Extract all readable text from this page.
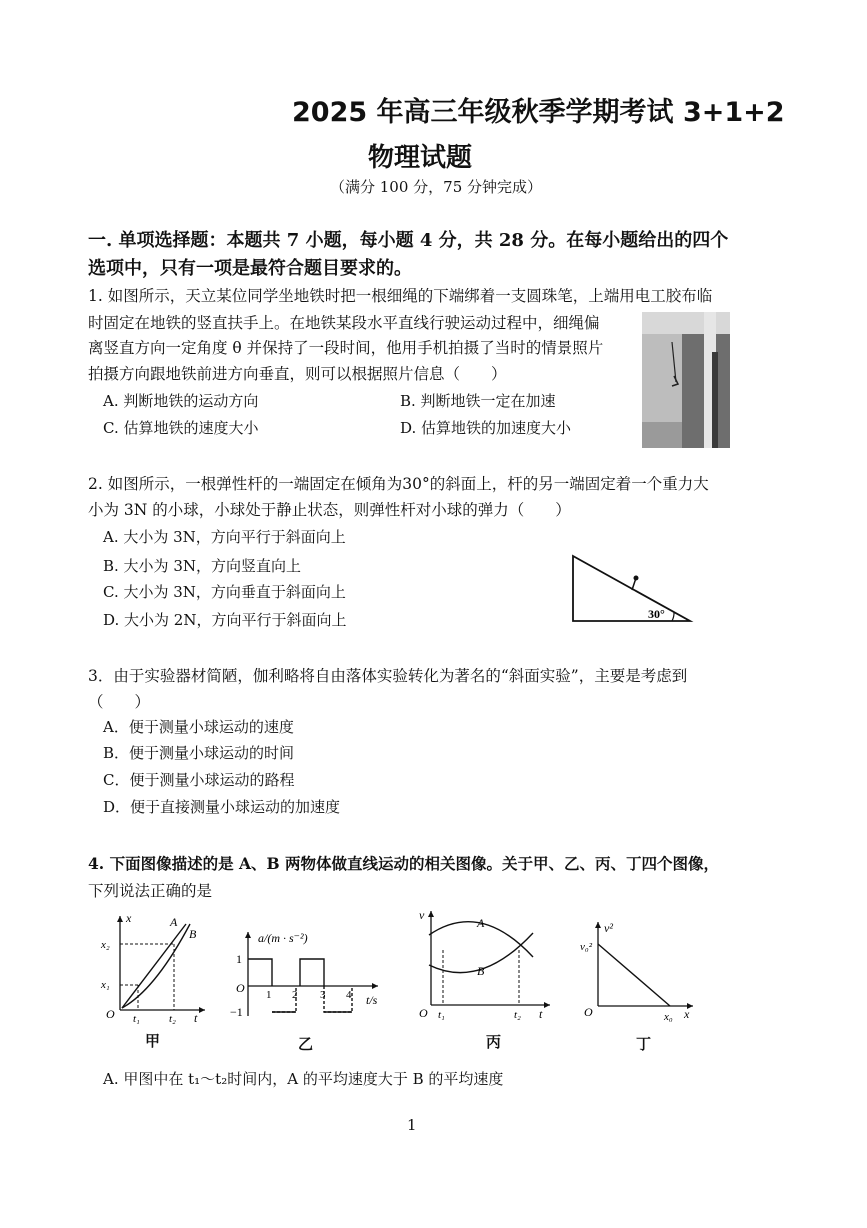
2025 年高三年级秋季学期考试 3+1+2
物理试题
（满分 100 分，75 分钟完成）
一. 单项选择题：本题共 7 小题，每小题 4 分，共 28 分。在每小题给出的四个
选项中，只有一项是最符合题目要求的。
1. 如图所示，天立某位同学坐地铁时把一根细绳的下端绑着一支圆珠笔，上端用电工胶布临
时固定在地铁的竖直扶手上。在地铁某段水平直线行驶运动过程中，细绳偏
离竖直方向一定角度 θ 并保持了一段时间，他用手机拍摄了当时的情景照片
拍摄方向跟地铁前进方向垂直，则可以根据照片信息（　　）
A. 判断地铁的运动方向	B. 判断地铁一定在加速
C. 估算地铁的速度大小	D. 估算地铁的加速度大小
2. 如图所示，一根弹性杆的一端固定在倾角为30°的斜面上，杆的另一端固定着一个重力大
小为 3N 的小球，小球处于静止状态，则弹性杆对小球的弹力（　　）
A. 大小为 3N，方向平行于斜面向上
B. 大小为 3N，方向竖直向上
C. 大小为 3N，方向垂直于斜面向上
D. 大小为 2N，方向平行于斜面向上	30°
3．由于实验器材简陋，伽利略将自由落体实验转化为著名的“斜面实验”，主要是考虑到
（　　）
A．便于测量小球运动的速度
B．便于测量小球运动的时间
C．便于测量小球运动的路程
D．便于直接测量小球运动的加速度
4. 下面图像描述的是 A、B 两物体做直线运动的相关图像。关于甲、乙、丙、丁四个图像，
下列说法正确的是
x	A
B
x₂
x₁
O t₁	t₂ t
a/(m · s⁻²)
1
−1
O 1 2 3 4 t/s
v
A
B
O t₁	t₂ t
v²
v₀²
O	x₀ x
甲	乙	丙	丁
A. 甲图中在 t₁～t₂时间内，A 的平均速度大于 B 的平均速度
1
